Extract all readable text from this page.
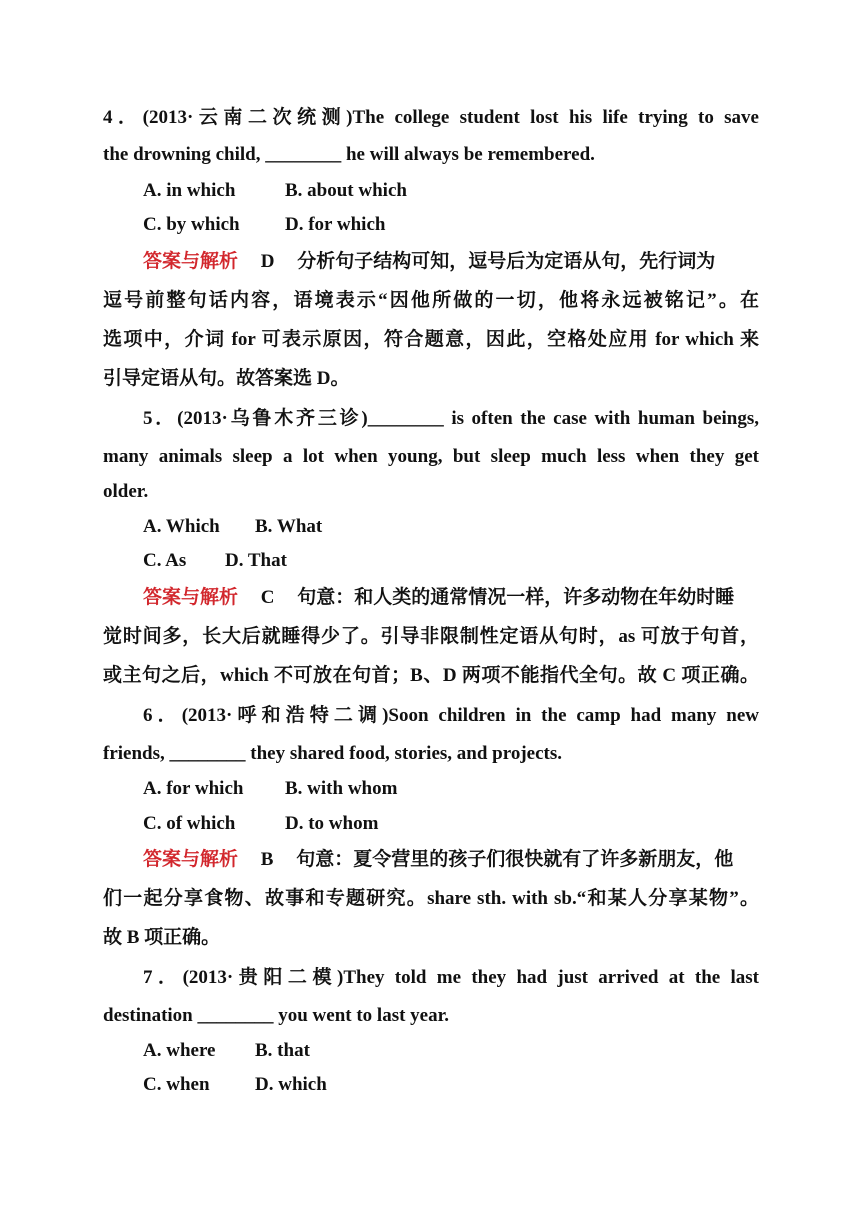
4．(2013·云南二次统测)The college student lost his life trying to save
the drowning child, ________ he will always be remembered.
A. in which	B. about which
C. by which D. for which
答案与解析 D 分析句子结构可知，逗号后为定语从句，先行词为
逗号前整句话内容，语境表示“因他所做的一切，他将永远被铭记”。在
选项中，介词 for 可表示原因，符合题意，因此，空格处应用 for which 来
引导定语从句。故答案选 D。
5．(2013·乌鲁木齐三诊)________ is often the case with human beings,
many animals sleep a lot when young, but sleep much less when they get
older.
A. Which B. What
C. As D. That
答案与解析 C 句意：和人类的通常情况一样，许多动物在年幼时睡
觉时间多，长大后就睡得少了。引导非限制性定语从句时，as 可放于句首，
或主句之后，which 不可放在句首；B、D 两项不能指代全句。故 C 项正确。
6．(2013·呼和浩特二调)Soon children in the camp had many new
friends, ________ they shared food, stories, and projects.
A. for which B. with whom
C. of which	D. to whom
答案与解析 B 句意：夏令营里的孩子们很快就有了许多新朋友，他
们一起分享食物、故事和专题研究。share sth. with sb.“和某人分享某物”。
故 B 项正确。
7．(2013·贵阳二模)They told me they had just arrived at the last
destination ________ you went to last year.
A. where B. that
C. when D. which
